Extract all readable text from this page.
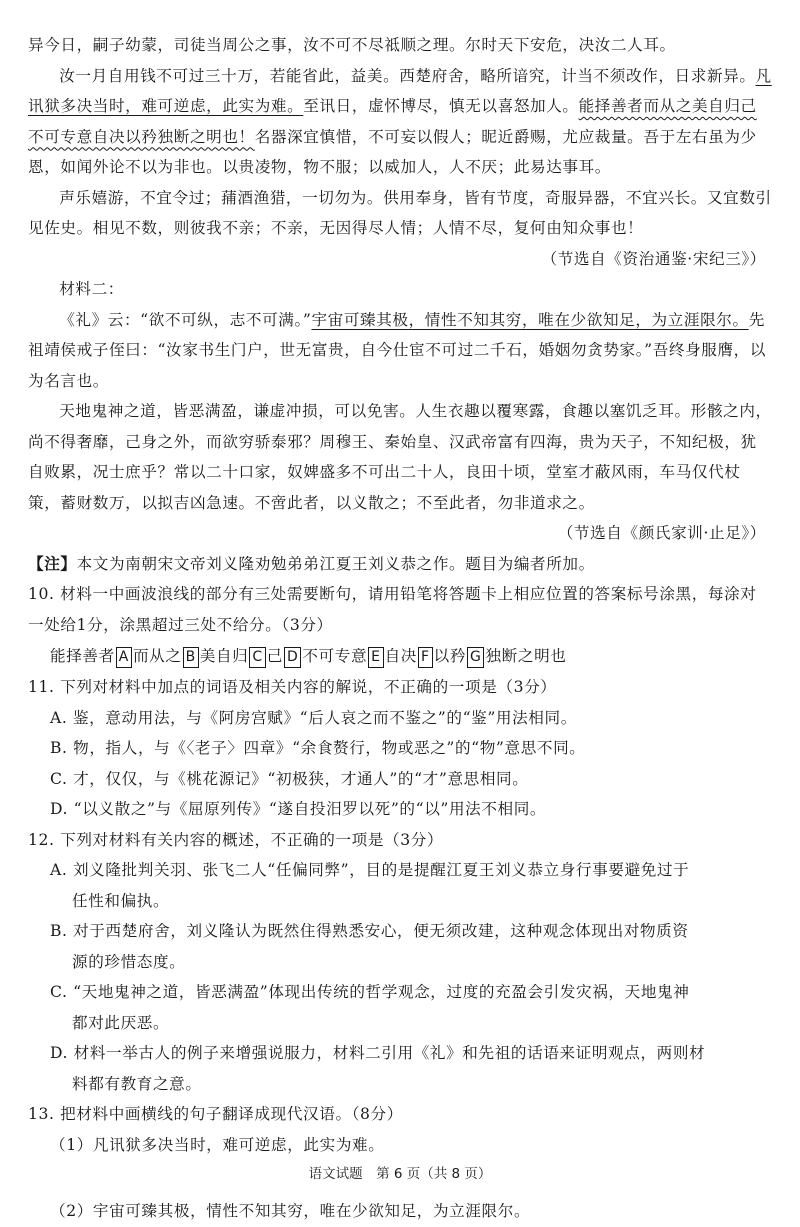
异今日，嗣子幼蒙，司徒当周公之事，汝不可不尽祗顺之理。尔时天下安危，决汝二人耳。

汝一月自用钱不可过三十万，若能省此，益美。西楚府舍，略所谙究，计当不须改作，日求新异。凡讯狱多决当时，难可逆虑，此实为难。至讯日，虚怀博尽，慎无以喜怒加人。能择善者而从之美自归己不可专意自决以矜独断之明也！名器深宜慎惜，不可妄以假人；昵近爵赐，尤应裁量。吾于左右虽为少恩，如闻外论不以为非也。以贵凌物，物不服；以威加人，人不厌；此易达事耳。

声乐嬉游，不宜令过；蒱酒渔猎，一切勿为。供用奉身，皆有节度，奇服异器，不宜兴长。又宜数引见佐史。相见不数，则彼我不亲；不亲，无因得尽人情；人情不尽，复何由知众事也！

（节选自《资治通鉴·宋纪三》）

材料二：

《礼》云：“欲不可纵，志不可满。”宇宙可臻其极，情性不知其穷，唯在少欲知足，为立涯限尔。先祖靖侯戒子侄曰：“汝家书生门户，世无富贵，自今仕宦不可过二千石，婚姻勿贪势家。”吾终身服膺，以为名言也。

天地鬼神之道，皆恶满盈，谦虚冲损，可以免害。人生衣趣以覆寒露，食趣以塞饥乏耳。形骸之内，尚不得奢靡，己身之外，而欲穷骄泰邪？周穆王、秦始皇、汉武帝富有四海，贵为天子，不知纪极，犹自败累，况士庶乎？常以二十口家，奴婢盛多不可出二十人，良田十顷，堂室才蔽风雨，车马仅代杖策，蓄财数万，以拟吉凶急速。不啻此者，以义散之；不至此者，勿非道求之。

（节选自《颜氏家训·止足》）

【注】本文为南朝宋文帝刘义隆劝勉弟弟江夏王刘义恭之作。题目为编者所加。

10. 材料一中画波浪线的部分有三处需要断句，请用铅笔将答题卡上相应位置的答案标号涂黑，每涂对一处给1分，涂黑超过三处不给分。（3分）

能择善者 A 而从之 B 美自归 C 己 D 不可专意 E 自决 F 以矜 G 独断之明也

11. 下列对材料中加点的词语及相关内容的解说，不正确的一项是（3分）

A. 鉴，意动用法，与《阿房宫赋》“后人哀之而不鉴之”的“鉴”用法相同。

B. 物，指人，与《〈老子〉四章》“余食赘行，物或恶之”的“物”意思不同。

C. 才，仅仅，与《桃花源记》“初极狭，才通人”的“才”意思相同。

D. “以义散之”与《屈原列传》“遂自投汨罗以死”的“以”用法不相同。

12. 下列对材料有关内容的概述，不正确的一项是（3分）

A. 刘义隆批判关羽、张飞二人“任偏同弊”，目的是提醒江夏王刘义恭立身行事要避免过于

任性和偏执。

B. 对于西楚府舍，刘义隆认为既然住得熟悉安心，便无须改建，这种观念体现出对物质资

源的珍惜态度。

C. “天地鬼神之道，皆恶满盈”体现出传统的哲学观念，过度的充盈会引发灾祸，天地鬼神

都对此厌恶。

D. 材料一举古人的例子来增强说服力，材料二引用《礼》和先祖的话语来证明观点，两则材

料都有教育之意。

13. 把材料中画横线的句子翻译成现代汉语。（8分）

（1）凡讯狱多决当时，难可逆虑，此实为难。

（2）宇宙可臻其极，情性不知其穷，唯在少欲知足，为立涯限尔。

语文试题　第 6 页（共 8 页）
